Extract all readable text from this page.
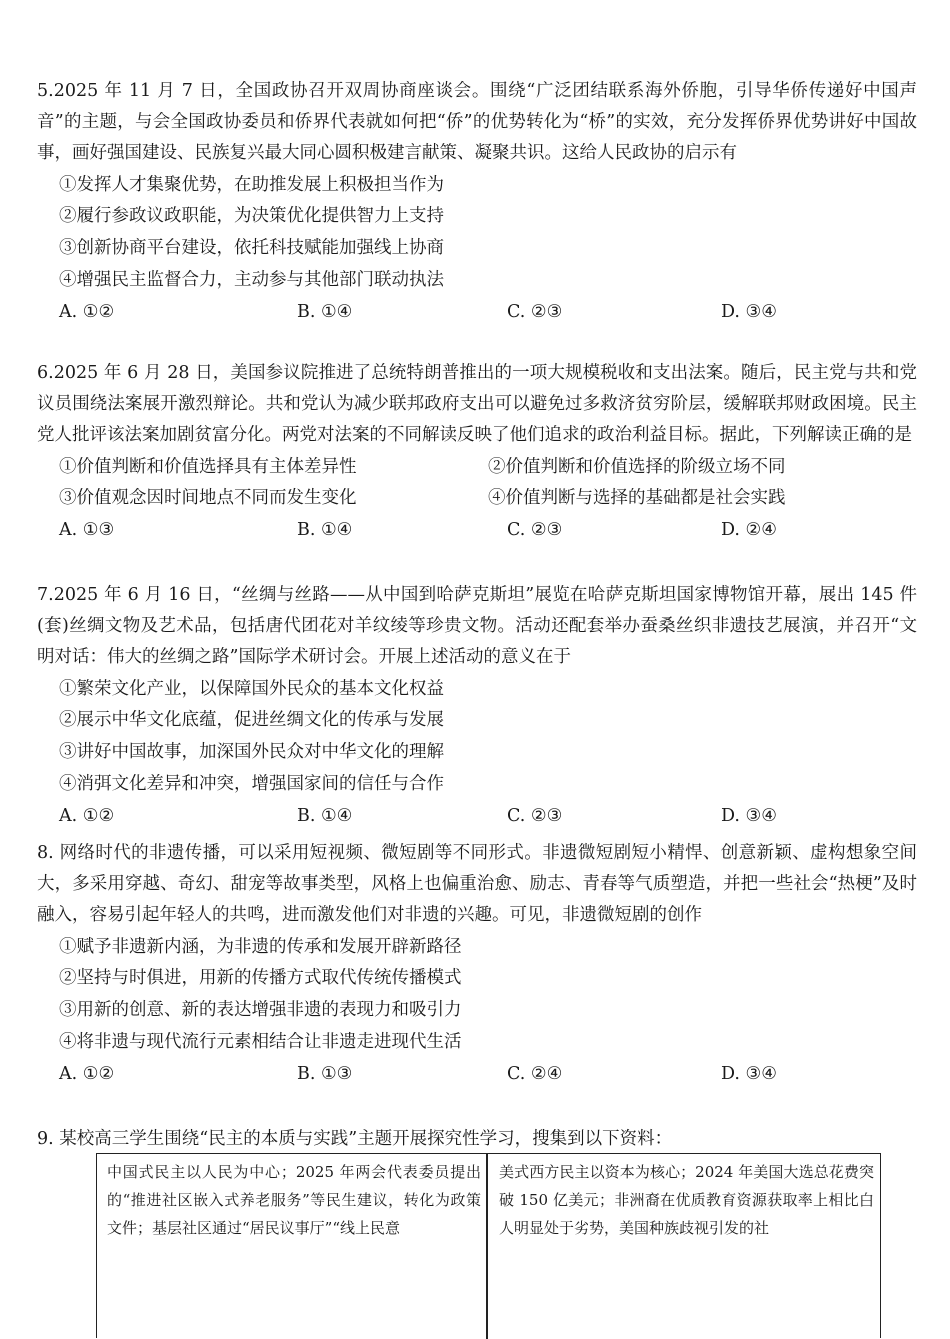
5.2025 年 11 月 7 日，全国政协召开双周协商座谈会。围绕“广泛团结联系海外侨胞，引导华侨传递好中国声音”的主题，与会全国政协委员和侨界代表就如何把“侨”的优势转化为“桥”的实效，充分发挥侨界优势讲好中国故事，画好强国建设、民族复兴最大同心圆积极建言献策、凝聚共识。这给人民政协的启示有

①发挥人才集聚优势，在助推发展上积极担当作为
②履行参政议政职能，为决策优化提供智力上支持
③创新协商平台建设，依托科技赋能加强线上协商
④增强民主监督合力，主动参与其他部门联动执法
A. ①②	B. ①④	C. ②③	D. ③④

6.2025 年 6 月 28 日，美国参议院推进了总统特朗普推出的一项大规模税收和支出法案。随后，民主党与共和党议员围绕法案展开激烈辩论。共和党认为减少联邦政府支出可以避免过多救济贫穷阶层，缓解联邦财政困境。民主党人批评该法案加剧贫富分化。两党对法案的不同解读反映了他们追求的政治利益目标。据此，下列解读正确的是

①价值判断和价值选择具有主体差异性	②价值判断和价值选择的阶级立场不同
③价值观念因时间地点不同而发生变化	④价值判断与选择的基础都是社会实践
A. ①③	B. ①④	C. ②③	D. ②④

7.2025 年 6 月 16 日，“丝绸与丝路——从中国到哈萨克斯坦”展览在哈萨克斯坦国家博物馆开幕，展出 145 件(套)丝绸文物及艺术品，包括唐代团花对羊纹绫等珍贵文物。活动还配套举办蚕桑丝织非遗技艺展演，并召开“文明对话：伟大的丝绸之路”国际学术研讨会。开展上述活动的意义在于

①繁荣文化产业，以保障国外民众的基本文化权益
②展示中华文化底蕴，促进丝绸文化的传承与发展
③讲好中国故事，加深国外民众对中华文化的理解
④消弭文化差异和冲突，增强国家间的信任与合作
A. ①②	B. ①④	C. ②③	D. ③④

8. 网络时代的非遗传播，可以采用短视频、微短剧等不同形式。非遗微短剧短小精悍、创意新颖、虚构想象空间大，多采用穿越、奇幻、甜宠等故事类型，风格上也偏重治愈、励志、青春等气质塑造，并把一些社会“热梗”及时融入，容易引起年轻人的共鸣，进而激发他们对非遗的兴趣。可见，非遗微短剧的创作

①赋予非遗新内涵，为非遗的传承和发展开辟新路径
②坚持与时俱进，用新的传播方式取代传统传播模式
③用新的创意、新的表达增强非遗的表现力和吸引力
④将非遗与现代流行元素相结合让非遗走进现代生活
A. ①②	B. ①③	C. ②④	D. ③④

9. 某校高三学生围绕“民主的本质与实践”主题开展探究性学习，搜集到以下资料：

中国式民主以人民为中心；2025 年两会代表委员提出的“推进社区嵌入式养老服务”等民生建议，转化为政策文件；基层社区通过“居民议事厅”“线上民意
美式西方民主以资本为核心；2024 年美国大选总花费突破 150 亿美元；非洲裔在优质教育资源获取率上相比白人明显处于劣势，美国种族歧视引发的社
